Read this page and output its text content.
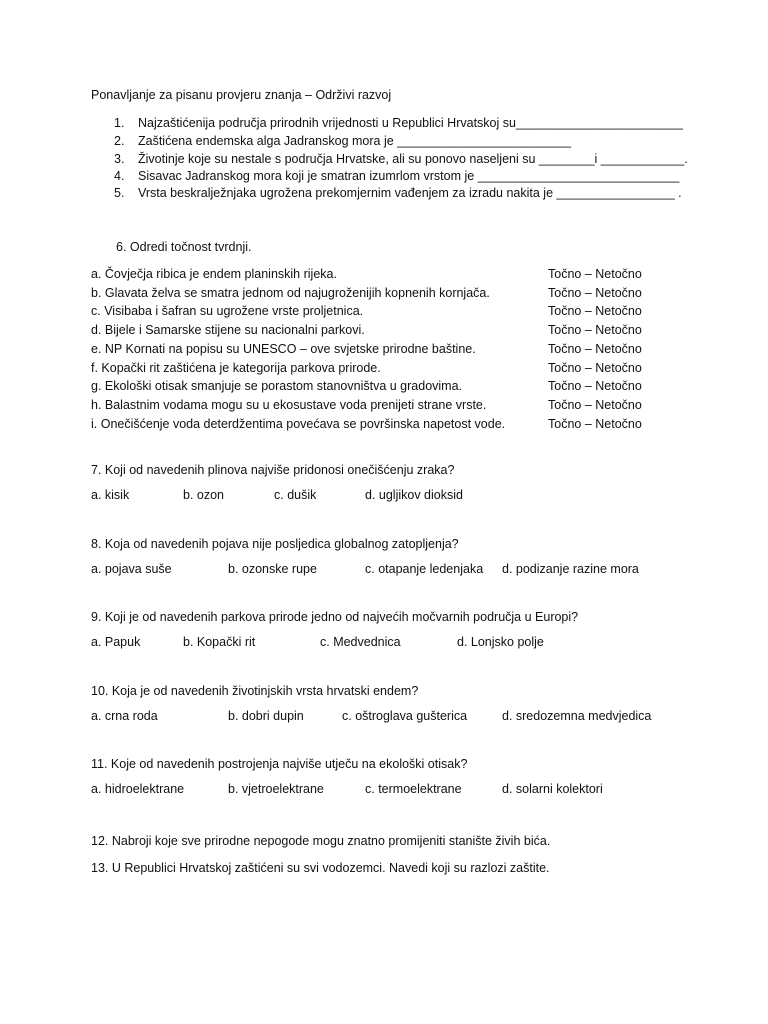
Ponavljanje za pisanu provjeru znanja – Održivi razvoj
1. Najzaštićenija područja prirodnih vrijednosti u Republici Hrvatskoj su________________________
2. Zaštićena endemska alga Jadranskog mora je _________________________
3. Životinje koje su nestale s područja Hrvatske, ali su ponovo naseljeni su ________i ____________.
4. Sisavac Jadranskog mora koji je smatran izumrlom vrstom je _____________________________
5. Vrsta beskralježnjaka ugrožena prekomjernim vađenjem za izradu nakita je _________________ .
6. Odredi točnost tvrdnji.
a. Čovječja ribica je endem planinskih rijeka.	Točno – Netočno
b. Glavata želva se smatra jednom od najugroženijih kopnenih kornjača.	Točno – Netočno
c. Visibaba i šafran su ugrožene vrste proljetnica.	Točno – Netočno
d. Bijele i Samarske stijene su nacionalni parkovi.	Točno – Netočno
e. NP Kornati na popisu su UNESCO – ove svjetske prirodne baštine.	Točno – Netočno
f. Kopački rit zaštićena je kategorija parkova prirode.	Točno – Netočno
g. Ekološki otisak smanjuje se porastom stanovništva u gradovima.	Točno – Netočno
h. Balastnim vodama mogu su u ekosustave voda prenijeti strane vrste.	Točno – Netočno
i. Onečišćenje voda deterdžentima povećava se površinska napetost vode.	Točno – Netočno
7. Koji od navedenih plinova najviše pridonosi onečišćenju zraka?
a. kisik	b. ozon	c. dušik	d. ugljikov dioksid
8. Koja od navedenih pojava nije posljedica globalnog zatopljenja?
a. pojava suše	b. ozonske rupe	c. otapanje ledenjaka d. podizanje razine mora
9. Koji je od navedenih parkova prirode jedno od najvećih močvarnih područja u Europi?
a. Papuk	b. Kopački rit	c. Medvednica	d. Lonjsko polje
10. Koja je od navedenih životinjskih vrsta hrvatski endem?
a. crna roda	b. dobri dupin	c. oštroglava gušterica	d. sredozemna medvjedica
11. Koje od navedenih postrojenja najviše utječu na ekološki otisak?
a. hidroelektrane	b. vjetroelektrane	c. termoelektrane	d. solarni kolektori
12. Nabroji koje sve prirodne nepogode mogu znatno promijeniti stanište živih bića.
13. U Republici Hrvatskoj zaštićeni su svi vodozemci. Navedi koji su razlozi zaštite.
